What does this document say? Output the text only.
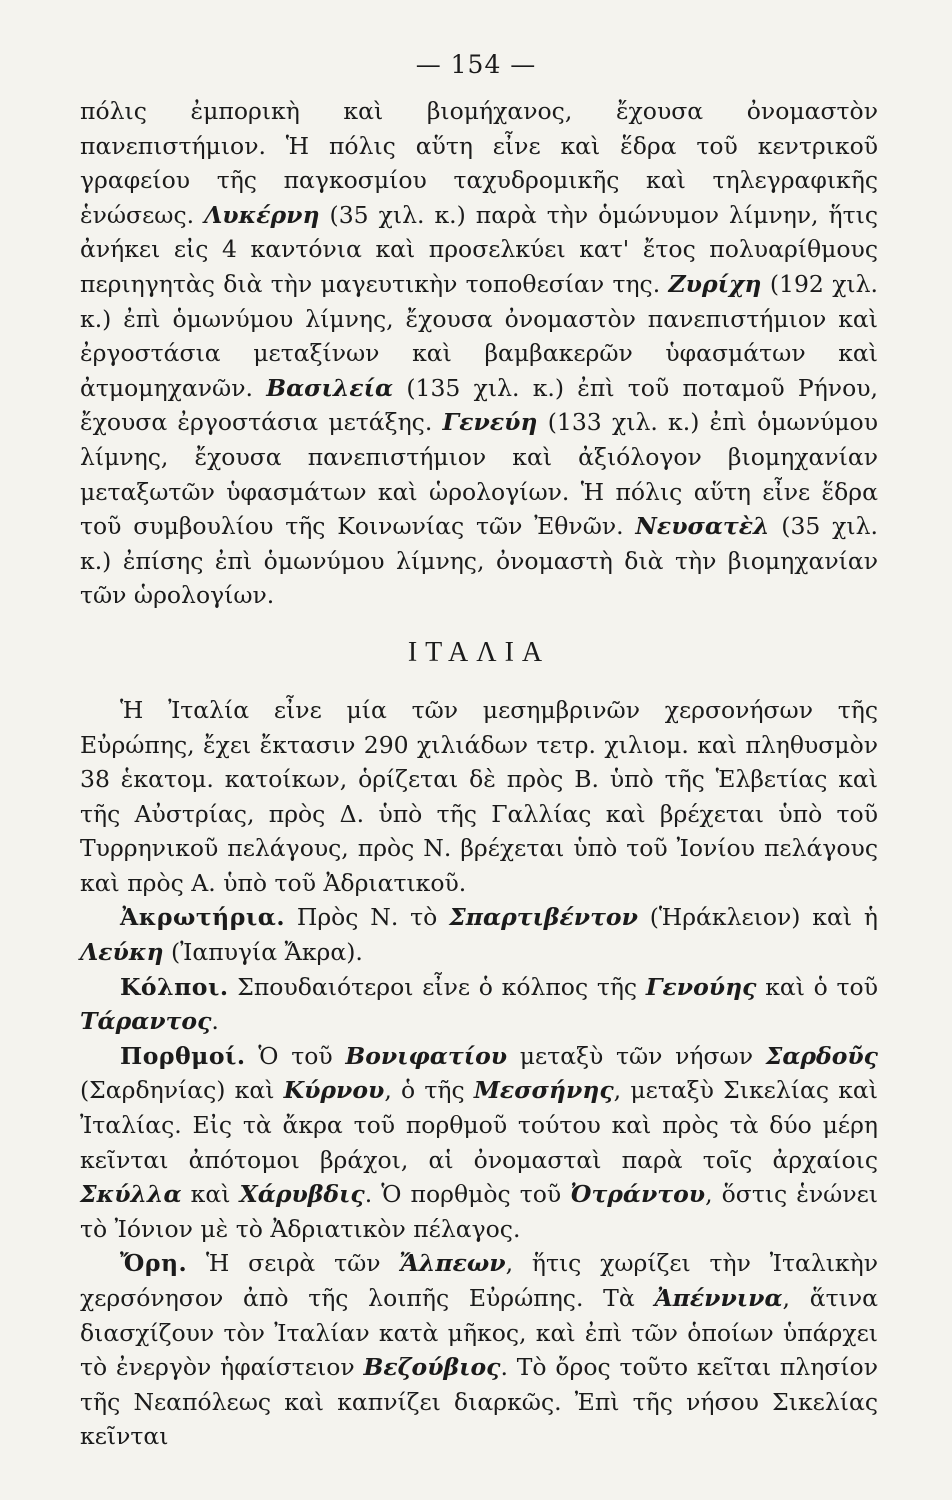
— 154 —

πόλις ἐμπορικὴ καὶ βιομήχανος, ἔχουσα ὀνομαστὸν πανεπιστήμιον. Ἡ πόλις αὕτη εἶνε καὶ ἕδρα τοῦ κεντρικοῦ γραφείου τῆς παγκοσμίου ταχυδρομικῆς καὶ τηλεγραφικῆς ἑνώσεως. Λυκέρνη (35 χιλ. κ.) παρὰ τὴν ὁμώνυμον λίμνην, ἥτις ἀνήκει εἰς 4 καντόνια καὶ προσελκύει κατ' ἔτος πολυαρίθμους περιηγητὰς διὰ τὴν μαγευτικὴν τοποθεσίαν της. Ζυρίχη (192 χιλ. κ.) ἐπὶ ὁμωνύμου λίμνης, ἔχουσα ὀνομαστὸν πανεπιστήμιον καὶ ἐργοστάσια μεταξίνων καὶ βαμβακερῶν ὑφασμάτων καὶ ἀτμομηχανῶν. Βασιλεία (135 χιλ. κ.) ἐπὶ τοῦ ποταμοῦ Ρήνου, ἔχουσα ἐργοστάσια μετάξης. Γενεύη (133 χιλ. κ.) ἐπὶ ὁμωνύμου λίμνης, ἔχουσα πανεπιστήμιον καὶ ἀξιόλογον βιομηχανίαν μεταξωτῶν ὑφασμάτων καὶ ὡρολογίων. Ἡ πόλις αὕτη εἶνε ἕδρα τοῦ συμβουλίου τῆς Κοινωνίας τῶν Ἐθνῶν. Νευσατὲλ (35 χιλ. κ.) ἐπίσης ἐπὶ ὁμωνύμου λίμνης, ὀνομαστὴ διὰ τὴν βιομηχανίαν τῶν ὡρολογίων.

ΙΤΑΛΙΑ

Ἡ Ἰταλία εἶνε μία τῶν μεσημβρινῶν χερσονήσων τῆς Εὐρώπης, ἔχει ἔκτασιν 290 χιλιάδων τετρ. χιλιομ. καὶ πληθυσμὸν 38 ἑκατομ. κατοίκων, ὁρίζεται δὲ πρὸς Β. ὑπὸ τῆς Ἑλβετίας καὶ τῆς Αὐστρίας, πρὸς Δ. ὑπὸ τῆς Γαλλίας καὶ βρέχεται ὑπὸ τοῦ Τυρρηνικοῦ πελάγους, πρὸς Ν. βρέχεται ὑπὸ τοῦ Ἰονίου πελάγους καὶ πρὸς Α. ὑπὸ τοῦ Ἀδριατικοῦ.

Ἀκρωτήρια. Πρὸς Ν. τὸ Σπαρτιβέντον (Ἡράκλειον) καὶ ἡ Λεύκη (Ἰαπυγία Ἄκρα).

Κόλποι. Σπουδαιότεροι εἶνε ὁ κόλπος τῆς Γενούης καὶ ὁ τοῦ Τάραντος.

Πορθμοί. Ὁ τοῦ Βονιφατίου μεταξὺ τῶν νήσων Σαρδοῦς (Σαρδηνίας) καὶ Κύρνου, ὁ τῆς Μεσσήνης, μεταξὺ Σικελίας καὶ Ἰταλίας. Εἰς τὰ ἄκρα τοῦ πορθμοῦ τούτου καὶ πρὸς τὰ δύο μέρη κεῖνται ἀπότομοι βράχοι, αἱ ὀνομασταὶ παρὰ τοῖς ἀρχαίοις Σκύλλα καὶ Χάρυβδις. Ὁ πορθμὸς τοῦ Ὀτράντου, ὅστις ἑνώνει τὸ Ἰόνιον μὲ τὸ Ἀδριατικὸν πέλαγος.

Ὄρη. Ἡ σειρὰ τῶν Ἄλπεων, ἥτις χωρίζει τὴν Ἰταλικὴν χερσόνησον ἀπὸ τῆς λοιπῆς Εὐρώπης. Τὰ Ἀπέννινα, ἅτινα διασχίζουν τὸν Ἰταλίαν κατὰ μῆκος, καὶ ἐπὶ τῶν ὁποίων ὑπάρχει τὸ ἐνεργὸν ἡφαίστειον Βεζούβιος. Τὸ ὄρος τοῦτο κεῖται πλησίον τῆς Νεαπόλεως καὶ καπνίζει διαρκῶς. Ἐπὶ τῆς νήσου Σικελίας κεῖνται
